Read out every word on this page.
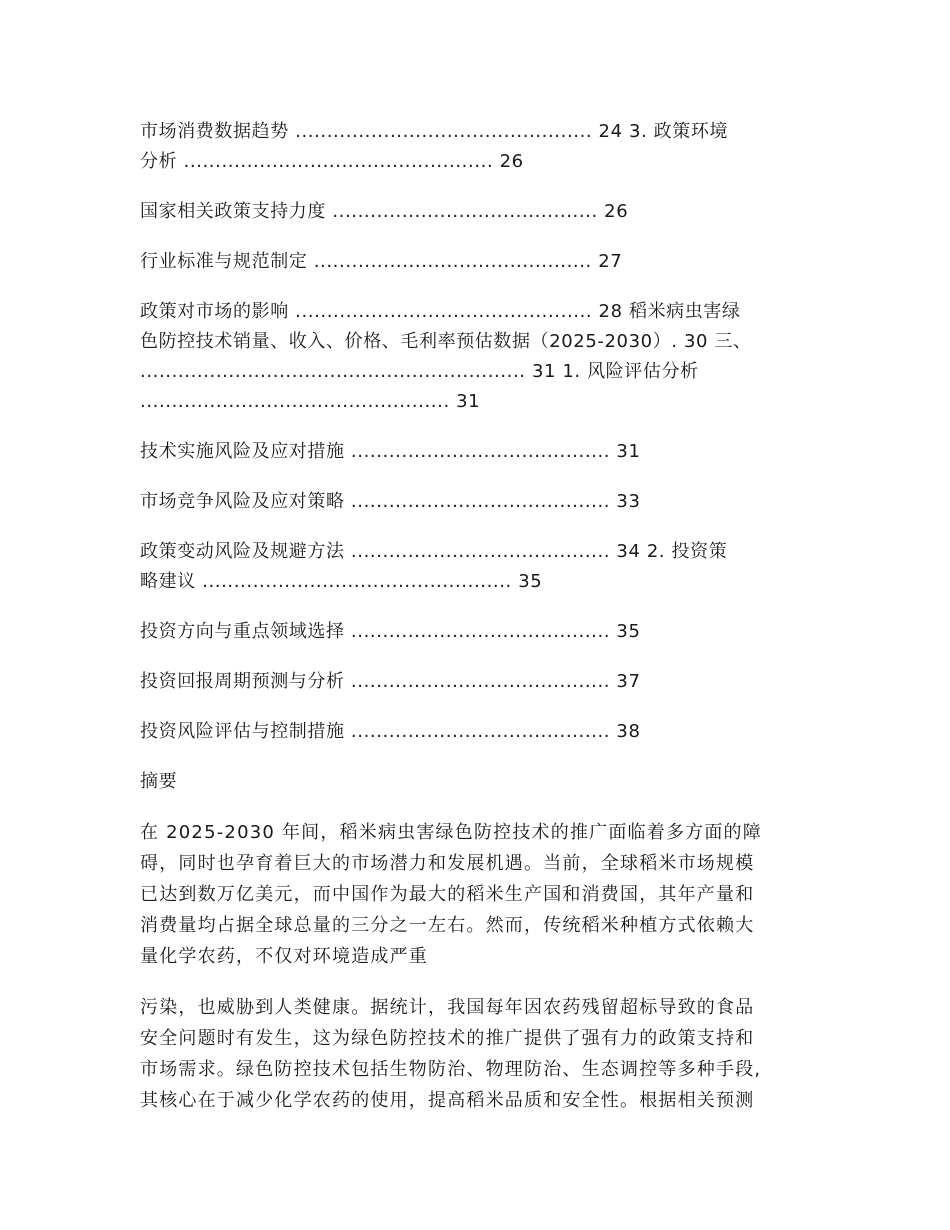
市场消费数据趋势 ............................................... 24 3. 政策环境
分析 ................................................. 26
国家相关政策支持力度 .......................................... 26
行业标准与规范制定 ............................................ 27
政策对市场的影响 ............................................... 28 稻米病虫害绿
色防控技术销量、收入、价格、毛利率预估数据（2025-2030）. 30 三、
............................................................. 31 1. 风险评估分析
................................................. 31
技术实施风险及应对措施 ......................................... 31
市场竞争风险及应对策略 ......................................... 33
政策变动风险及规避方法 ......................................... 34 2. 投资策
略建议 ................................................. 35
投资方向与重点领域选择 ......................................... 35
投资回报周期预测与分析 ......................................... 37
投资风险评估与控制措施 ......................................... 38
摘要
在 2025-2030 年间，稻米病虫害绿色防控技术的推广面临着多方面的障
碍，同时也孕育着巨大的市场潜力和发展机遇。当前，全球稻米市场规模
已达到数万亿美元，而中国作为最大的稻米生产国和消费国，其年产量和
消费量均占据全球总量的三分之一左右。然而，传统稻米种植方式依赖大
量化学农药，不仅对环境造成严重
污染，也威胁到人类健康。据统计，我国每年因农药残留超标导致的食品
安全问题时有发生，这为绿色防控技术的推广提供了强有力的政策支持和
市场需求。绿色防控技术包括生物防治、物理防治、生态调控等多种手段,
其核心在于减少化学农药的使用，提高稻米品质和安全性。根据相关预测
